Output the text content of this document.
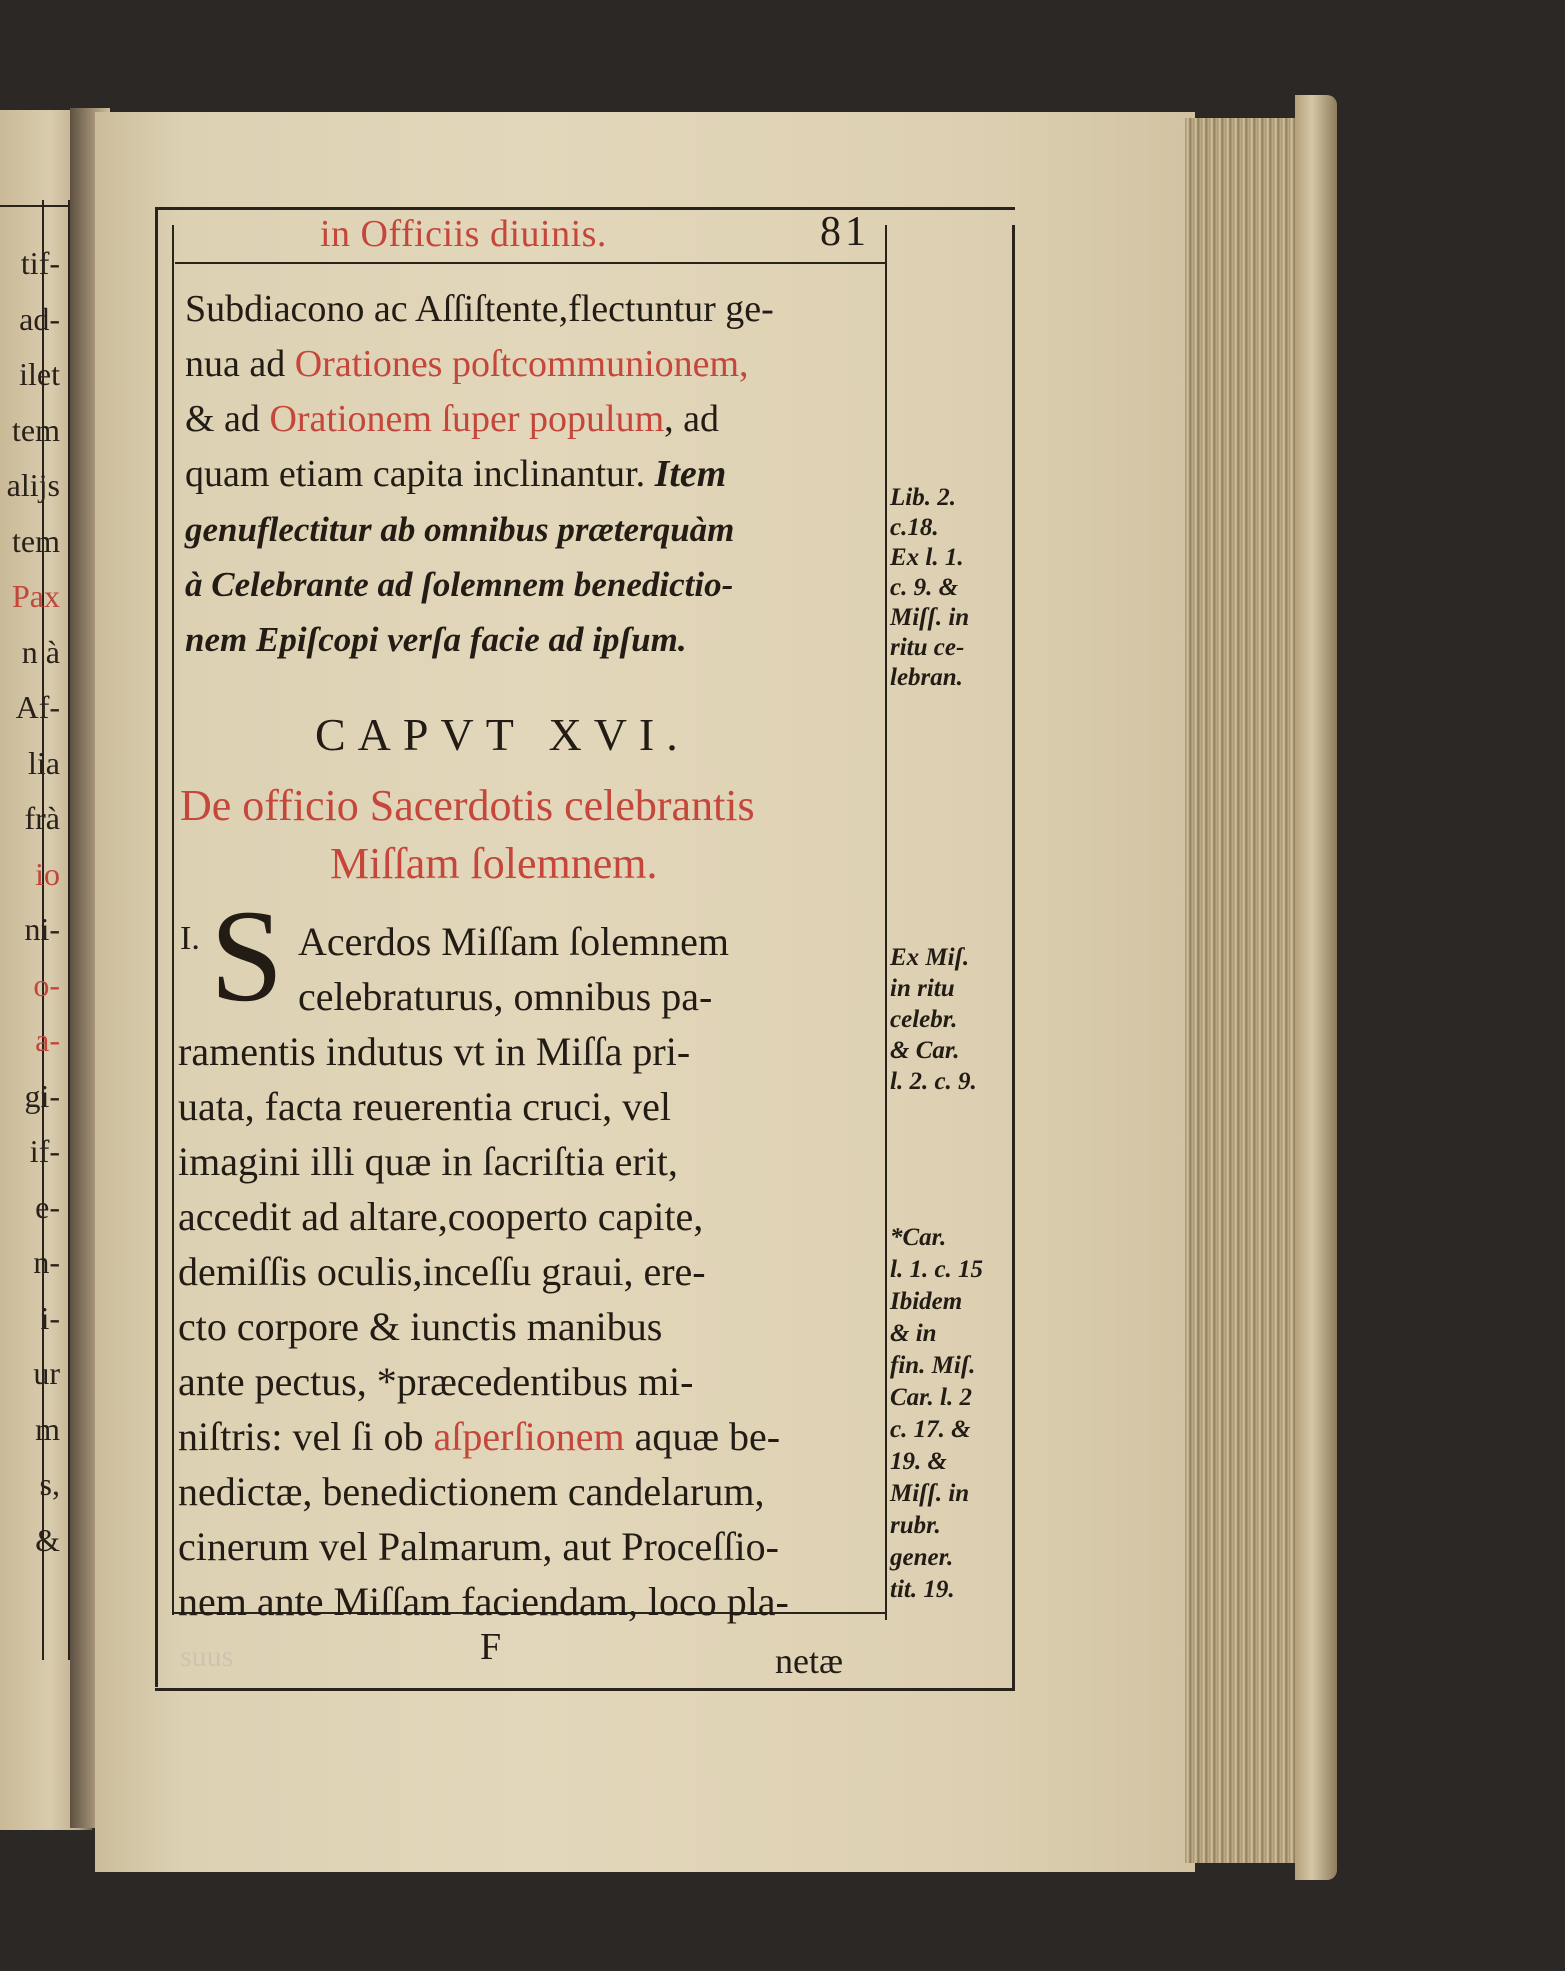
tif-
ad-
ilet
tem
alijs
tem
Pax
n à
Af-
lia
frà
io
ni-
o-
a-
gi-
if-
e-
n-
i-
ur
m
s,
&
in Officiis diuinis.	81
Subdiacono ac Aſſiſtente,flectuntur ge-
nua ad Orationes poſtcommunionem,
& ad Orationem ſuper populum, ad
quam etiam capita inclinantur. Item
genuflectitur ab omnibus præterquàm
à Celebrante ad ſolemnem benedictio-
nem Epiſcopi verſa facie ad ipſum.
CAPVT XVI.
De officio Sacerdotis celebrantis
Miſſam ſolemnem.
I. S Acerdos Miſſam ſolemnem
celebraturus, omnibus pa-
ramentis indutus vt in Miſſa pri-
uata, facta reuerentia cruci, vel
imagini illi quæ in ſacriſtia erit,
accedit ad altare,cooperto capite,
demiſſis oculis,inceſſu graui, ere-
cto corpore & iunctis manibus
ante pectus, *præcedentibus mi-
niſtris: vel ſi ob aſperſionem aquæ be-
nedictæ, benedictionem candelarum,
cinerum vel Palmarum, aut Proceſſio-
nem ante Miſſam faciendam, loco pla-
Lib. 2.
c.18.
Ex l. 1.
c. 9. &
Miſſ. in
ritu ce-
lebran.
Ex Miſ.
in ritu
celebr.
& Car.
l. 2. c. 9.
*Car.
l. 1. c. 15
Ibidem
& in
fin. Miſ.
Car. l. 2
c. 17. &
19. &
Miſſ. in
rubr.
gener.
tit. 19.
suus	F	netæ
